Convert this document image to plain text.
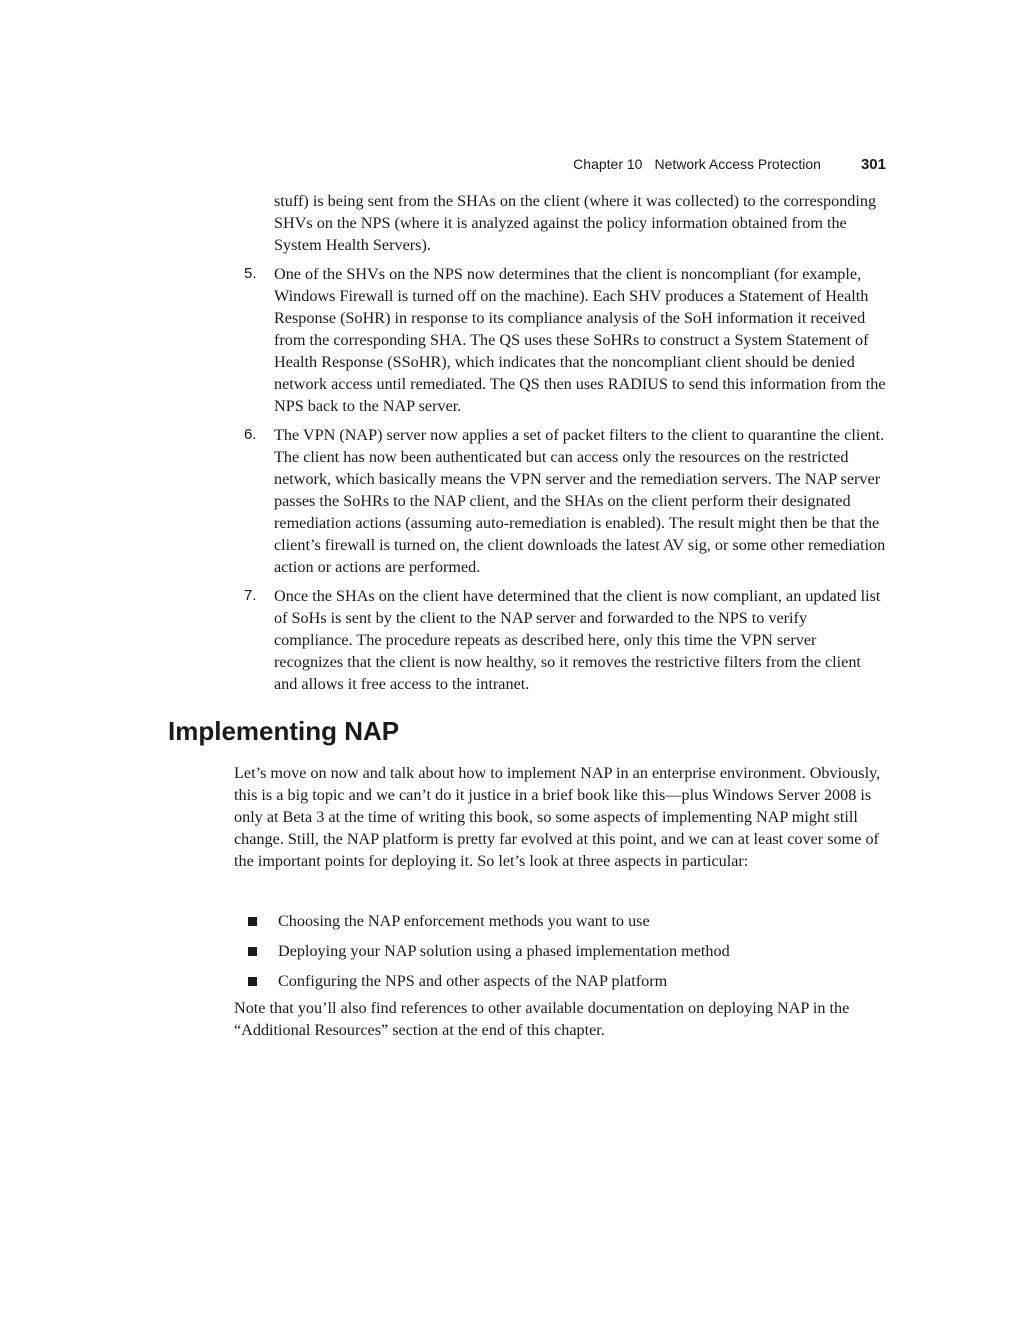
Chapter 10 Network Access Protection	301

stuff) is being sent from the SHAs on the client (where it was collected) to the corresponding SHVs on the NPS (where it is analyzed against the policy information obtained from the System Health Servers).

5.	One of the SHVs on the NPS now determines that the client is noncompliant (for example, Windows Firewall is turned off on the machine). Each SHV produces a Statement of Health Response (SoHR) in response to its compliance analysis of the SoH information it received from the corresponding SHA. The QS uses these SoHRs to construct a System Statement of Health Response (SSoHR), which indicates that the noncompliant client should be denied network access until remediated. The QS then uses RADIUS to send this information from the NPS back to the NAP server.
6.	The VPN (NAP) server now applies a set of packet filters to the client to quarantine the client. The client has now been authenticated but can access only the resources on the restricted network, which basically means the VPN server and the remediation servers. The NAP server passes the SoHRs to the NAP client, and the SHAs on the client perform their designated remediation actions (assuming auto-remediation is enabled). The result might then be that the client’s firewall is turned on, the client downloads the latest AV sig, or some other remediation action or actions are performed.
7.	Once the SHAs on the client have determined that the client is now compliant, an updated list of SoHs is sent by the client to the NAP server and forwarded to the NPS to verify compliance. The procedure repeats as described here, only this time the VPN server recognizes that the client is now healthy, so it removes the restrictive filters from the client and allows it free access to the intranet.
Implementing NAP

Let’s move on now and talk about how to implement NAP in an enterprise environment. Obviously, this is a big topic and we can’t do it justice in a brief book like this—plus Windows Server 2008 is only at Beta 3 at the time of writing this book, so some aspects of implementing NAP might still change. Still, the NAP platform is pretty far evolved at this point, and we can at least cover some of the important points for deploying it. So let’s look at three aspects in particular:

Choosing the NAP enforcement methods you want to use
Deploying your NAP solution using a phased implementation method
Configuring the NPS and other aspects of the NAP platform

Note that you’ll also find references to other available documentation on deploying NAP in the “Additional Resources” section at the end of this chapter.
